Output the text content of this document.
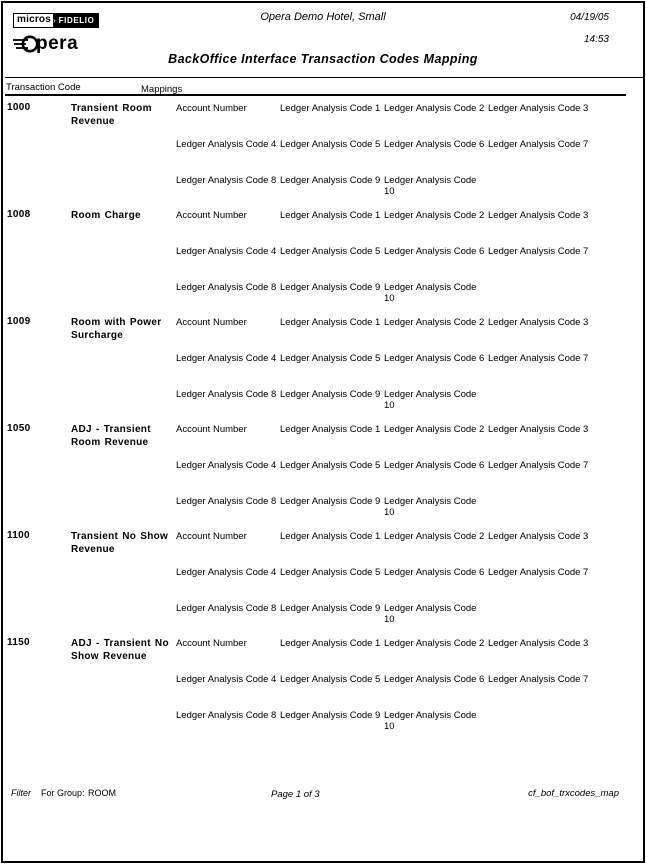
micros › FIDELIO
pera
Opera Demo Hotel, Small	04/19/05
14:53
BackOffice Interface Transaction Codes Mapping
Transaction Code	Mappings
1000	Transient Room Revenue
Account Number	Ledger Analysis Code 1 Ledger Analysis Code 2 Ledger Analysis Code 3
Ledger Analysis Code 4 Ledger Analysis Code 5 Ledger Analysis Code 6 Ledger Analysis Code 7
Ledger Analysis Code 8 Ledger Analysis Code 9 Ledger Analysis Code 10
1008	Room Charge	Account Number	Ledger Analysis Code 1 Ledger Analysis Code 2 Ledger Analysis Code 3
Ledger Analysis Code 4 Ledger Analysis Code 5 Ledger Analysis Code 6 Ledger Analysis Code 7
Ledger Analysis Code 8 Ledger Analysis Code 9 Ledger Analysis Code 10
1009	Room with Power Surcharge
Account Number	Ledger Analysis Code 1 Ledger Analysis Code 2 Ledger Analysis Code 3
Ledger Analysis Code 4 Ledger Analysis Code 5 Ledger Analysis Code 6 Ledger Analysis Code 7
Ledger Analysis Code 8 Ledger Analysis Code 9 Ledger Analysis Code 10
1050	ADJ - Transient Room Revenue
Account Number	Ledger Analysis Code 1 Ledger Analysis Code 2 Ledger Analysis Code 3
Ledger Analysis Code 4 Ledger Analysis Code 5 Ledger Analysis Code 6 Ledger Analysis Code 7
Ledger Analysis Code 8 Ledger Analysis Code 9 Ledger Analysis Code 10
1100	Transient No Show Revenue
Account Number	Ledger Analysis Code 1 Ledger Analysis Code 2 Ledger Analysis Code 3
Ledger Analysis Code 4 Ledger Analysis Code 5 Ledger Analysis Code 6 Ledger Analysis Code 7
Ledger Analysis Code 8 Ledger Analysis Code 9 Ledger Analysis Code 10
1150	ADJ - Transient No Show Revenue
Account Number	Ledger Analysis Code 1 Ledger Analysis Code 2 Ledger Analysis Code 3
Ledger Analysis Code 4 Ledger Analysis Code 5 Ledger Analysis Code 6 Ledger Analysis Code 7
Ledger Analysis Code 8 Ledger Analysis Code 9 Ledger Analysis Code 10
Filter For Group: ROOM	Page 1 of 3	cf_bof_trxcodes_map
